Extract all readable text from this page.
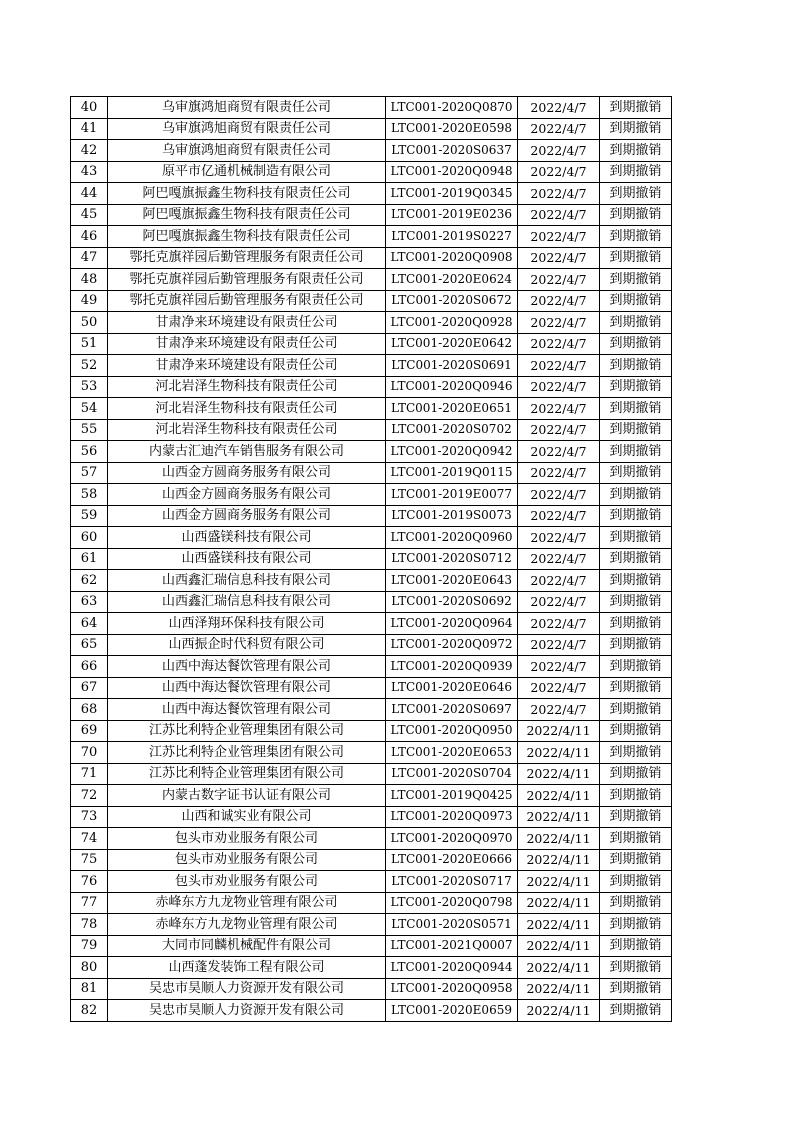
40	乌审旗鸿旭商贸有限责任公司	LTC001-2020Q0870	2022/4/7	到期撤销
41	乌审旗鸿旭商贸有限责任公司	LTC001-2020E0598	2022/4/7	到期撤销
42	乌审旗鸿旭商贸有限责任公司	LTC001-2020S0637	2022/4/7	到期撤销
43	原平市亿通机械制造有限公司	LTC001-2020Q0948	2022/4/7	到期撤销
44	阿巴嘎旗振鑫生物科技有限责任公司	LTC001-2019Q0345	2022/4/7	到期撤销
45	阿巴嘎旗振鑫生物科技有限责任公司	LTC001-2019E0236	2022/4/7	到期撤销
46	阿巴嘎旗振鑫生物科技有限责任公司	LTC001-2019S0227	2022/4/7	到期撤销
47	鄂托克旗祥园后勤管理服务有限责任公司	LTC001-2020Q0908	2022/4/7	到期撤销
48	鄂托克旗祥园后勤管理服务有限责任公司	LTC001-2020E0624	2022/4/7	到期撤销
49	鄂托克旗祥园后勤管理服务有限责任公司	LTC001-2020S0672	2022/4/7	到期撤销
50	甘肃净来环境建设有限责任公司	LTC001-2020Q0928	2022/4/7	到期撤销
51	甘肃净来环境建设有限责任公司	LTC001-2020E0642	2022/4/7	到期撤销
52	甘肃净来环境建设有限责任公司	LTC001-2020S0691	2022/4/7	到期撤销
53	河北岩泽生物科技有限责任公司	LTC001-2020Q0946	2022/4/7	到期撤销
54	河北岩泽生物科技有限责任公司	LTC001-2020E0651	2022/4/7	到期撤销
55	河北岩泽生物科技有限责任公司	LTC001-2020S0702	2022/4/7	到期撤销
56	内蒙古汇迪汽车销售服务有限公司	LTC001-2020Q0942	2022/4/7	到期撤销
57	山西金方圆商务服务有限公司	LTC001-2019Q0115	2022/4/7	到期撤销
58	山西金方圆商务服务有限公司	LTC001-2019E0077	2022/4/7	到期撤销
59	山西金方圆商务服务有限公司	LTC001-2019S0073	2022/4/7	到期撤销
60	山西盛镁科技有限公司	LTC001-2020Q0960	2022/4/7	到期撤销
61	山西盛镁科技有限公司	LTC001-2020S0712	2022/4/7	到期撤销
62	山西鑫汇瑞信息科技有限公司	LTC001-2020E0643	2022/4/7	到期撤销
63	山西鑫汇瑞信息科技有限公司	LTC001-2020S0692	2022/4/7	到期撤销
64	山西泽翔环保科技有限公司	LTC001-2020Q0964	2022/4/7	到期撤销
65	山西振企时代科贸有限公司	LTC001-2020Q0972	2022/4/7	到期撤销
66	山西中海达餐饮管理有限公司	LTC001-2020Q0939	2022/4/7	到期撤销
67	山西中海达餐饮管理有限公司	LTC001-2020E0646	2022/4/7	到期撤销
68	山西中海达餐饮管理有限公司	LTC001-2020S0697	2022/4/7	到期撤销
69	江苏比利特企业管理集团有限公司	LTC001-2020Q0950	2022/4/11	到期撤销
70	江苏比利特企业管理集团有限公司	LTC001-2020E0653	2022/4/11	到期撤销
71	江苏比利特企业管理集团有限公司	LTC001-2020S0704	2022/4/11	到期撤销
72	内蒙古数字证书认证有限公司	LTC001-2019Q0425	2022/4/11	到期撤销
73	山西和诚实业有限公司	LTC001-2020Q0973	2022/4/11	到期撤销
74	包头市劝业服务有限公司	LTC001-2020Q0970	2022/4/11	到期撤销
75	包头市劝业服务有限公司	LTC001-2020E0666	2022/4/11	到期撤销
76	包头市劝业服务有限公司	LTC001-2020S0717	2022/4/11	到期撤销
77	赤峰东方九龙物业管理有限公司	LTC001-2020Q0798	2022/4/11	到期撤销
78	赤峰东方九龙物业管理有限公司	LTC001-2020S0571	2022/4/11	到期撤销
79	大同市同麟机械配件有限公司	LTC001-2021Q0007	2022/4/11	到期撤销
80	山西蓬发装饰工程有限公司	LTC001-2020Q0944	2022/4/11	到期撤销
81	吴忠市昊顺人力资源开发有限公司	LTC001-2020Q0958	2022/4/11	到期撤销
82	吴忠市昊顺人力资源开发有限公司	LTC001-2020E0659	2022/4/11	到期撤销
